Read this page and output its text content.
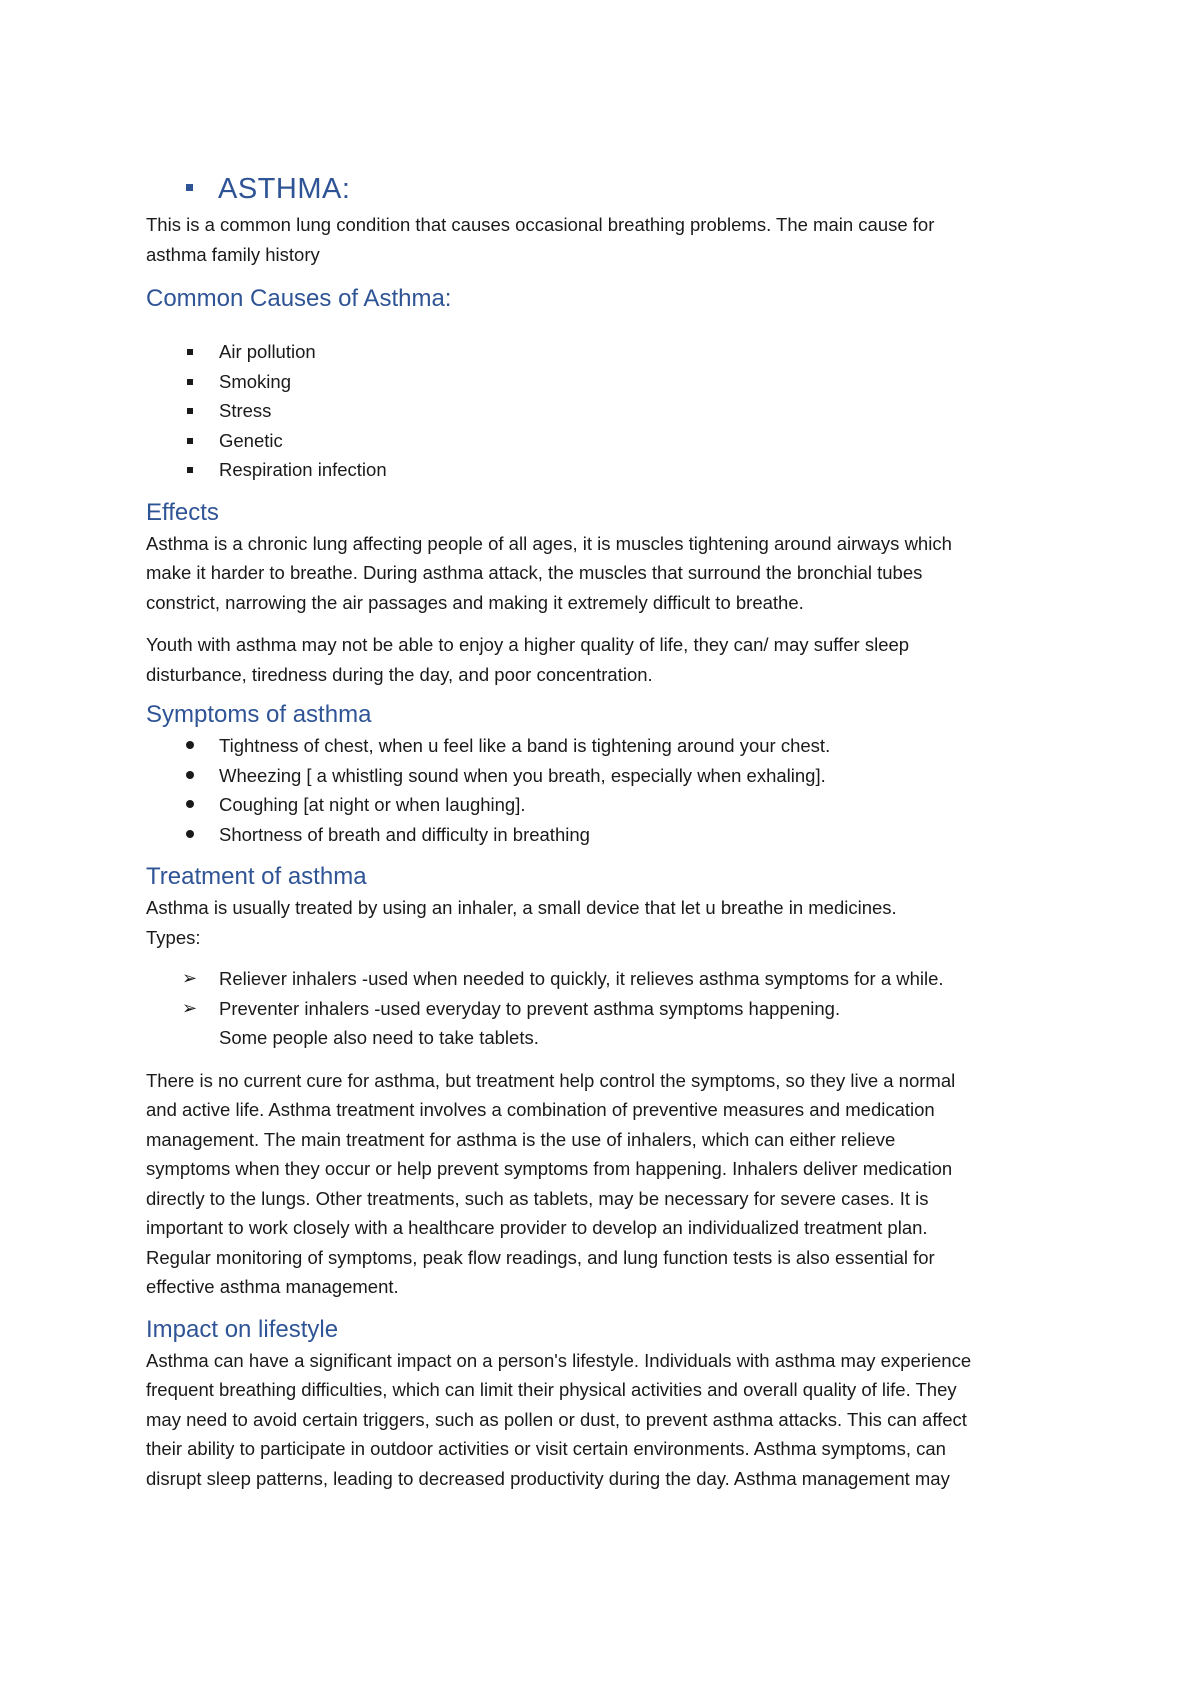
ASTHMA:

This is a common lung condition that causes occasional breathing problems. The main cause for

asthma family history

Common Causes of Asthma:
Air pollution
Smoking
Stress
Genetic
Respiration infection
Effects

Asthma is a chronic lung affecting people of all ages, it is muscles tightening around airways which

make it harder to breathe. During asthma attack, the muscles that surround the bronchial tubes

constrict, narrowing the air passages and making it extremely difficult to breathe.

Youth with asthma may not be able to enjoy a higher quality of life, they can/ may suffer sleep

disturbance, tiredness during the day, and poor concentration.

Symptoms of asthma
Tightness of chest, when u feel like a band is tightening around your chest.
Wheezing [ a whistling sound when you breath, especially when exhaling].
Coughing [at night or when laughing].
Shortness of breath and difficulty in breathing
Treatment of asthma

Asthma is usually treated by using an inhaler, a small device that let u breathe in medicines.

Types:

➢ Reliever inhalers -used when needed to quickly, it relieves asthma symptoms for a while.
➢ Preventer inhalers -used everyday to prevent asthma symptoms happening.
Some people also need to take tablets.

There is no current cure for asthma, but treatment help control the symptoms, so they live a normal

and active life. Asthma treatment involves a combination of preventive measures and medication

management. The main treatment for asthma is the use of inhalers, which can either relieve

symptoms when they occur or help prevent symptoms from happening. Inhalers deliver medication

directly to the lungs. Other treatments, such as tablets, may be necessary for severe cases. It is

important to work closely with a healthcare provider to develop an individualized treatment plan.

Regular monitoring of symptoms, peak flow readings, and lung function tests is also essential for

effective asthma management.

Impact on lifestyle

Asthma can have a significant impact on a person's lifestyle. Individuals with asthma may experience

frequent breathing difficulties, which can limit their physical activities and overall quality of life. They

may need to avoid certain triggers, such as pollen or dust, to prevent asthma attacks. This can affect

their ability to participate in outdoor activities or visit certain environments. Asthma symptoms, can

disrupt sleep patterns, leading to decreased productivity during the day. Asthma management may
